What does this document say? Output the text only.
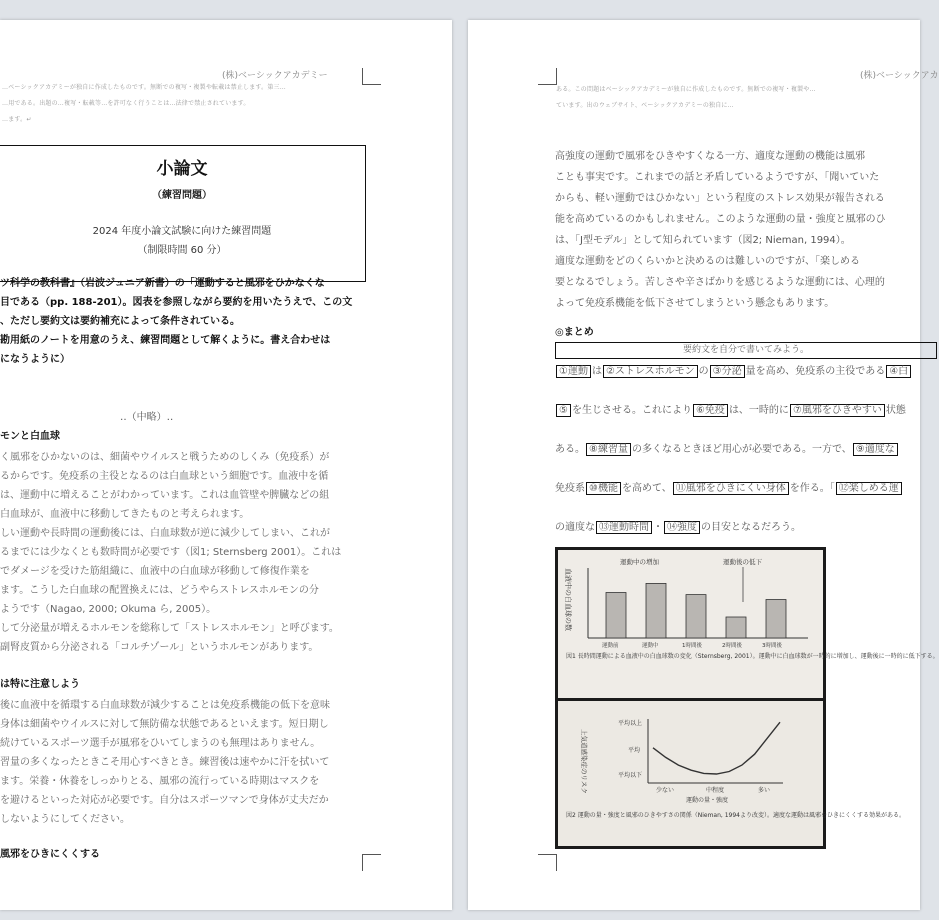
(株)ベーシックアカデミー
…ベーシックアカデミーが独自に作成したものです。無断での複写・複製や転載は禁止します。第三…
…用である。出題の…複写・転載等…を許可なく行うことは…法律で禁止されています。
…ます。↵
小論文
（練習問題）
2024 年度小論文試験に向けた練習問題
（制限時間 60 分）
ツ科学の教科書』（岩波ジュニア新書）の「運動すると風邪をひかなくな
目である（pp. 188-201）。図表を参照しながら要約を用いたうえで、この文
、ただし要約文は要約補充によって条件されている。
勘用紙のノートを用意のうえ、練習問題として解くように。書え合わせは
になうように）
‥（中略）‥
モンと白血球
く風邪をひかないのは、細菌やウイルスと戦うためのしくみ（免疫系）が
るからです。免疫系の主役となるのは白血球という細胞です。血液中を循
は、運動中に増えることがわかっています。これは血管壁や脾臓などの組
白血球が、血液中に移動してきたものと考えられます。
しい運動や長時間の運動後には、白血球数が逆に減少してしまい、これが
るまでには少なくとも数時間が必要です（図1; Sternsberg 2001）。これは
でダメージを受けた筋組織に、血液中の白血球が移動して修復作業を
ます。こうした白血球の配置換えには、どうやらストレスホルモンの分
ようです（Nagao, 2000; Okuma ら, 2005）。
して分泌量が増えるホルモンを総称して「ストレスホルモン」と呼びます。
副腎皮質から分泌される「コルチゾール」というホルモンがあります。
は特に注意しよう
後に血液中を循環する白血球数が減少することは免疫系機能の低下を意味
身体は細菌やウイルスに対して無防備な状態であるといえます。短日期し
続けているスポーツ選手が風邪をひいてしまうのも無理はありません。
習量の多くなったときこそ用心すべきとき。練習後は速やかに汗を拭いて
ます。栄養・休養をしっかりとる、風邪の流行っている時期はマスクを
を避けるといった対応が必要です。自分はスポーツマンで身体が丈夫だか
しないようにしてください。
風邪をひきにくくする
(株)ベーシックアカ
ある。この問題はベーシックアカデミーが独自に作成したものです。無断での複写・複製や…
ています。出のウェブサイト、ベーシックアカデミーの独自に…
高強度の運動で風邪をひきやすくなる一方、適度な運動の機能は風邪
ことも事実です。これまでの話と矛盾しているようですが、「聞いていた
からも、軽い運動ではひかない」という程度のストレス効果が報告される
能を高めているのかもしれません。このような運動の量・強度と風邪のひ
は、「J型モデル」として知られています（図2; Nieman, 1994）。
適度な運動をどのくらいかと決めるのは難しいのですが、「楽しめる
要となるでしょう。苦しさや辛さばかりを感じるような運動には、心理的
よって免疫系機能を低下させてしまうという懸念もあります。
◎まとめ
要約文を自分で書いてみよう。
①運動 は ②ストレスホルモン の ③分泌 量を高め、免疫系の主役である ④白
⑤ を生じさせる。これにより ⑥免疫 は、一時的に ⑦風邪をひきやすい 状態
ある。 ⑧練習量 の多くなるときほど用心が必要である。一方で、 ⑨適度な
免疫系 ⑩機能 を高めて、 ⑪風邪をひきにくい身体 を作る。「 ⑫楽しめる運
の適度な ⑬運動時間 ・ ⑭強度 の目安となるだろう。
血液中の白血球の数
運動中の増加	運動後の低下
運動前	運動中	1時間後	2時間後	3時間後
図1 長時間運動による血液中の白血球数の変化（Sternsberg, 2001）。運動中に白血球数が一時的に増加し、運動後に一時的に低下する。
上気道感染症のリスク
平均以上
平均
平均以下
少ない	中程度	多い
運動の量・強度
図2 運動の量・強度と風邪のひきやすさの関係（Nieman, 1994より改変）。適度な運動は風邪をひきにくくする効果がある。
